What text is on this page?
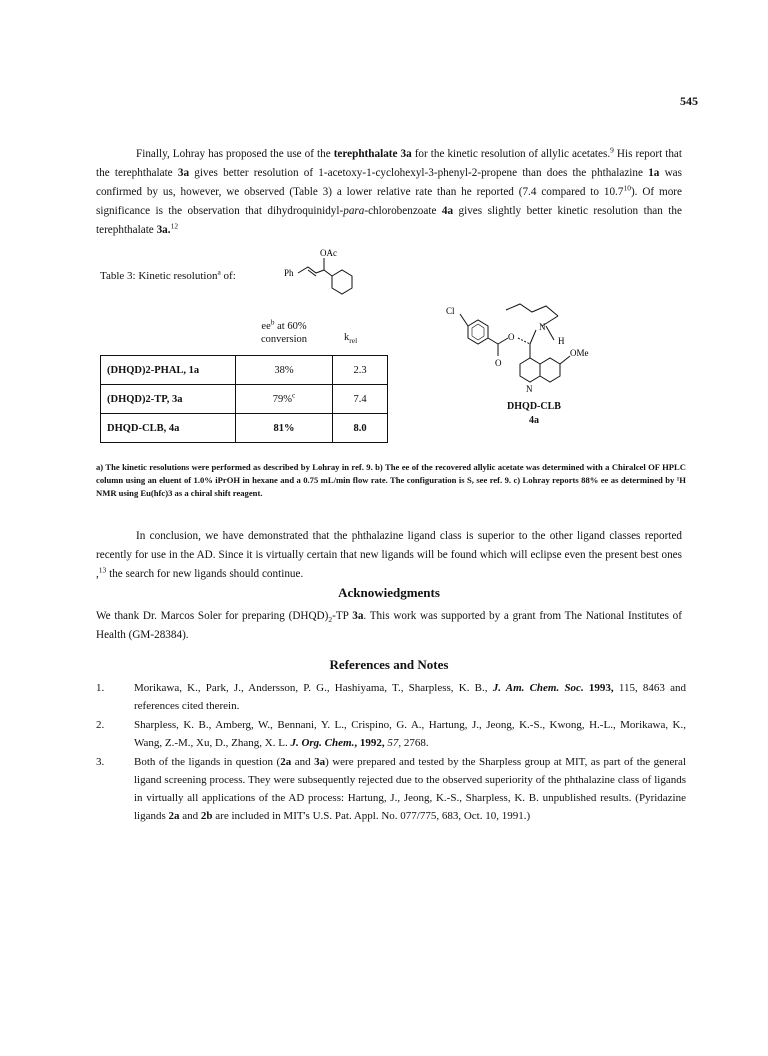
545

Finally, Lohray has proposed the use of the terephthalate 3a for the kinetic resolution of allylic acetates.$^9$ His report that the terephthalate 3a gives better resolution of 1-acetoxy-1-cyclohexyl-3-phenyl-2-propene than does the phthalazine 1a was confirmed by us, however, we observed (Table 3) a lower relative rate than he reported (7.4 compared to 10.7$^{10}$). Of more significance is the observation that dihydroquinidyl-para-chlorobenzoate 4a gives slightly better kinetic resolution than the terephthalate 3a.$^{12}$

Table 3: Kinetic resolution$^a$ of:
OAc
Ph
$ee^b$ at 60%
conversion	$k_{rel}$
(DHQD)2-PHAL, 1a	38%	2.3
(DHQD)2-TP, 3a	79%$^c$	7.4
DHQD-CLB, 4a	81%	8.0
Cl
O
O
N
H
N
OMe
DHQD-CLB
4a

a) The kinetic resolutions were performed as described by Lohray in ref. 9. b) The ee of the recovered allylic acetate was determined with a Chiralcel OF HPLC column using an eluent of 1.0% iPrOH in hexane and a 0.75 mL/min flow rate. The configuration is S, see ref. 9. c) Lohray reports 88% ee as determined by ¹H NMR using Eu(hfc)3 as a chiral shift reagent.

In conclusion, we have demonstrated that the phthalazine ligand class is superior to the other ligand classes reported recently for use in the AD. Since it is virtually certain that new ligands will be found which will eclipse even the present best ones ,$^{13}$ the search for new ligands should continue.

Acknowiedgments

We thank Dr. Marcos Soler for preparing $(DHQD)_2-TP$ 3a. This work was supported by a grant from The National Institutes of Health (GM-28384).

References and Notes
1.	Morikawa, K., Park, J., Andersson, P. G., Hashiyama, T., Sharpless, K. B., J. Am. Chem. Soc. 1993, 115, 8463 and references cited therein.
2.	Sharpless, K. B., Amberg, W., Bennani, Y. L., Crispino, G. A., Hartung, J., Jeong, K.-S., Kwong, H.-L., Morikawa, K., Wang, Z.-M., Xu, D., Zhang, X. L. J. Org. Chem., 1992, 57, 2768.
3.	Both of the ligands in question (2a and 3a) were prepared and tested by the Sharpless group at MIT, as part of the general ligand screening process. They were subsequently rejected due to the observed superiority of the phthalazine class of ligands in virtually all applications of the AD process: Hartung, J., Jeong, K.-S., Sharpless, K. B. unpublished results. (Pyridazine ligands 2a and 2b are included in MIT's U.S. Pat. Appl. No. 077/775, 683, Oct. 10, 1991.)
